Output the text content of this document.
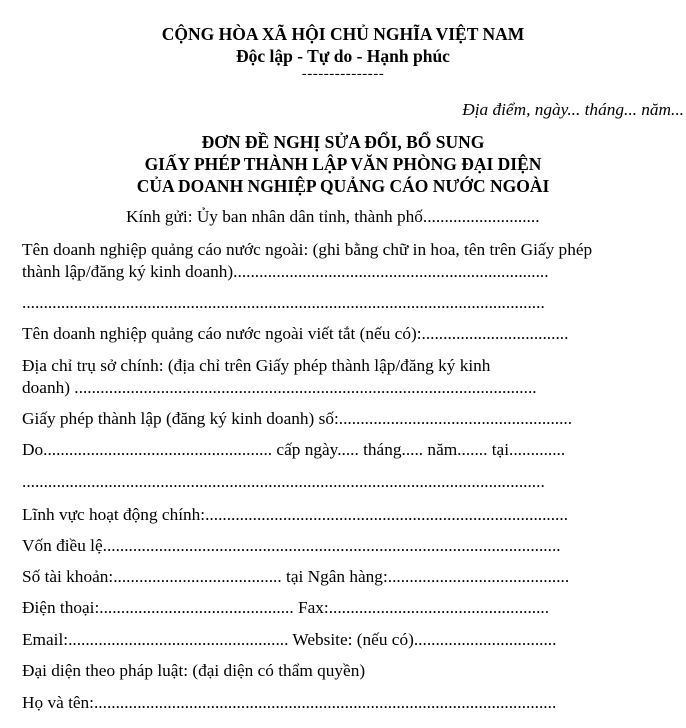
CỘNG HÒA XÃ HỘI CHỦ NGHĨA VIỆT NAM
Độc lập - Tự do - Hạnh phúc
---------------
Địa điểm, ngày... tháng... năm...
ĐƠN ĐỀ NGHỊ SỬA ĐỔI, BỔ SUNG
GIẤY PHÉP THÀNH LẬP VĂN PHÒNG ĐẠI DIỆN
CỦA DOANH NGHIỆP QUẢNG CÁO NƯỚC NGOÀI
Kính gửi: Ủy ban nhân dân tỉnh, thành phố...........................
Tên doanh nghiệp quảng cáo nước ngoài: (ghi bằng chữ in hoa, tên trên Giấy phép
thành lập/đăng ký kinh doanh).........................................................................
.........................................................................................................................
Tên doanh nghiệp quảng cáo nước ngoài viết tắt (nếu có):..................................
Địa chỉ trụ sở chính: (địa chỉ trên Giấy phép thành lập/đăng ký kinh
doanh) ...........................................................................................................
Giấy phép thành lập (đăng ký kinh doanh) số:......................................................
Do..................................................... cấp ngày..... tháng..... năm....... tại.............
.........................................................................................................................
Lĩnh vực hoạt động chính:....................................................................................
Vốn điều lệ..........................................................................................................
Số tài khoản:....................................... tại Ngân hàng:..........................................
Điện thoại:............................................. Fax:...................................................
Email:................................................... Website: (nếu có).................................
Đại diện theo pháp luật: (đại diện có thẩm quyền)
Họ và tên:...........................................................................................................
